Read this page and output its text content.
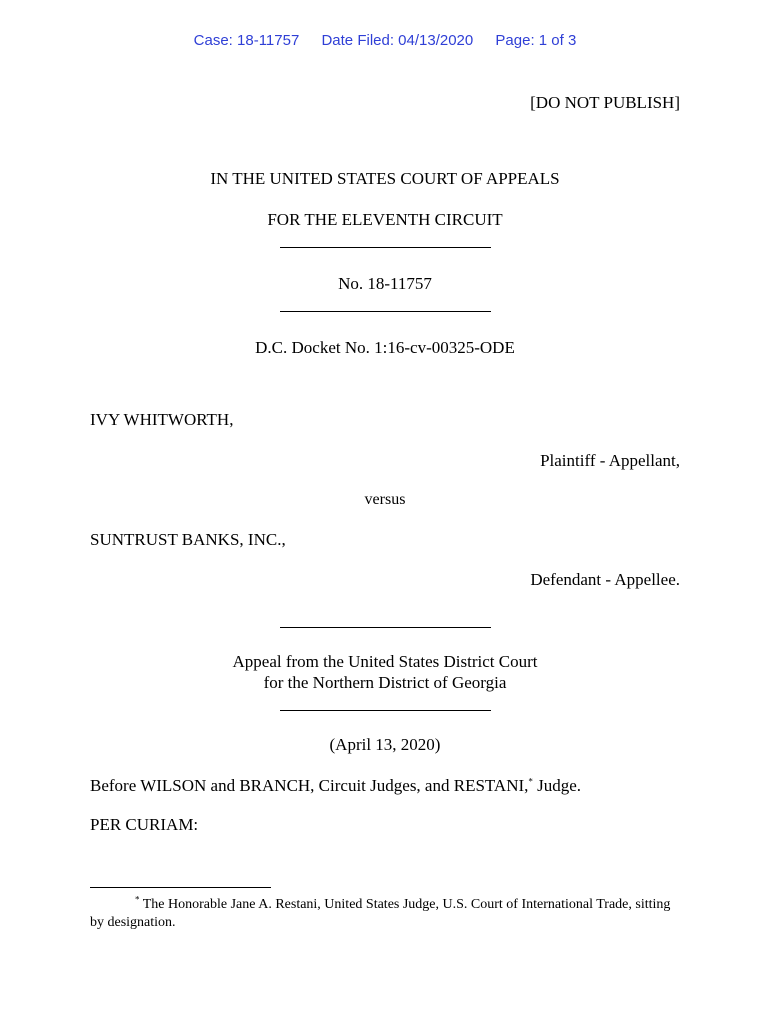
Case: 18-11757 Date Filed: 04/13/2020 Page: 1 of 3
[DO NOT PUBLISH]
IN THE UNITED STATES COURT OF APPEALS
FOR THE ELEVENTH CIRCUIT
No. 18-11757
D.C. Docket No. 1:16-cv-00325-ODE
IVY WHITWORTH,
Plaintiff - Appellant,
versus
SUNTRUST BANKS, INC.,
Defendant - Appellee.
Appeal from the United States District Court
for the Northern District of Georgia
(April 13, 2020)
Before WILSON and BRANCH, Circuit Judges, and RESTANI,* Judge.
PER CURIAM:
* The Honorable Jane A. Restani, United States Judge, U.S. Court of International Trade, sitting by designation.
